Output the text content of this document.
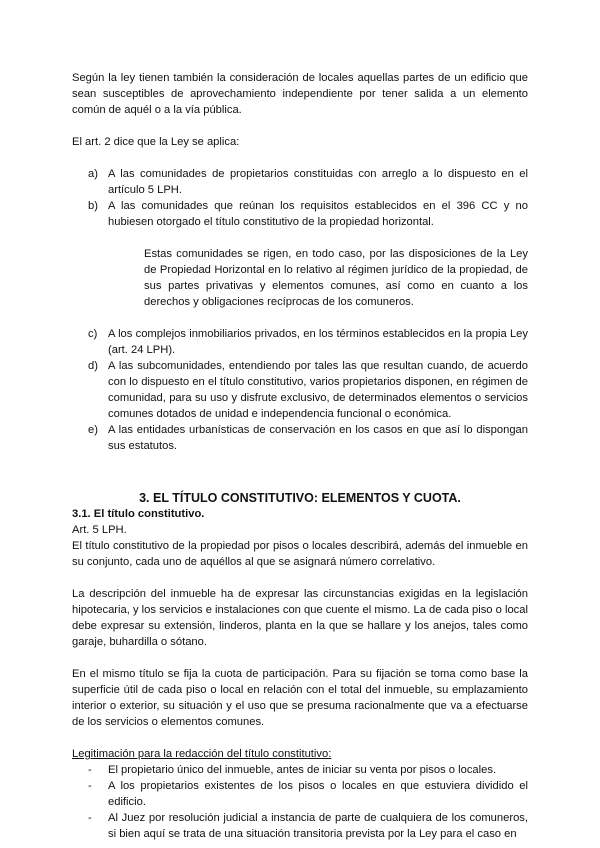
Según la ley tienen también la consideración de locales aquellas partes de un edificio que sean susceptibles de aprovechamiento independiente por tener salida a un elemento común de aquél o a la vía pública.

El art. 2 dice que la Ley se aplica:

a) A las comunidades de propietarios constituidas con arreglo a lo dispuesto en el artículo 5 LPH.
b) A las comunidades que reúnan los requisitos establecidos en el 396 CC y no hubiesen otorgado el título constitutivo de la propiedad horizontal.

Estas comunidades se rigen, en todo caso, por las disposiciones de la Ley de Propiedad Horizontal en lo relativo al régimen jurídico de la propiedad, de sus partes privativas y elementos comunes, así como en cuanto a los derechos y obligaciones recíprocas de los comuneros.

c) A los complejos inmobiliarios privados, en los términos establecidos en la propia Ley (art. 24 LPH).
d) A las subcomunidades, entendiendo por tales las que resultan cuando, de acuerdo con lo dispuesto en el título constitutivo, varios propietarios disponen, en régimen de comunidad, para su uso y disfrute exclusivo, de determinados elementos o servicios comunes dotados de unidad e independencia funcional o económica.
e) A las entidades urbanísticas de conservación en los casos en que así lo dispongan sus estatutos.
3. EL TÍTULO CONSTITUTIVO: ELEMENTOS Y CUOTA.

3.1. El título constitutivo.

Art. 5 LPH.

El título constitutivo de la propiedad por pisos o locales describirá, además del inmueble en su conjunto, cada uno de aquéllos al que se asignará número correlativo.

La descripción del inmueble ha de expresar las circunstancias exigidas en la legislación hipotecaria, y los servicios e instalaciones con que cuente el mismo. La de cada piso o local debe expresar su extensión, linderos, planta en la que se hallare y los anejos, tales como garaje, buhardilla o sótano.

En el mismo título se fija la cuota de participación. Para su fijación se toma como base la superficie útil de cada piso o local en relación con el total del inmueble, su emplazamiento interior o exterior, su situación y el uso que se presuma racionalmente que va a efectuarse de los servicios o elementos comunes.

Legitimación para la redacción del título constitutivo:

- El propietario único del inmueble, antes de iniciar su venta por pisos o locales.
- A los propietarios existentes de los pisos o locales en que estuviera dividido el edificio.
- Al Juez por resolución judicial a instancia de parte de cualquiera de los comuneros, si bien aquí se trata de una situación transitoria prevista por la Ley para el caso en
